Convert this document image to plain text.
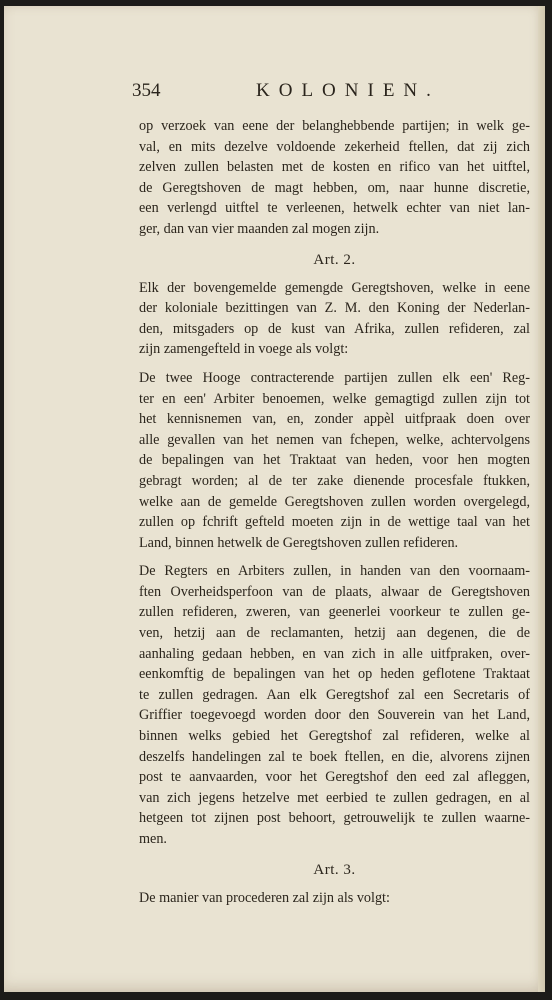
354	KOLONIEN.
op verzoek van eene der belanghebbende partijen; in welk ge-
val, en mits dezelve voldoende zekerheid ftellen, dat zij zich
zelven zullen belasten met de kosten en rifico van het uitftel,
de Geregtshoven de magt hebben, om, naar hunne discretie,
een verlengd uitftel te verleenen, hetwelk echter van niet lan-
ger, dan van vier maanden zal mogen zijn.
Art. 2.
Elk der bovengemelde gemengde Geregtshoven, welke in eene
der koloniale bezittingen van Z. M. den Koning der Nederlan-
den, mitsgaders op de kust van Afrika, zullen refideren, zal
zijn zamengefteld in voege als volgt:
De twee Hooge contracterende partijen zullen elk een' Reg-
ter en een' Arbiter benoemen, welke gemagtigd zullen zijn tot
het kennisnemen van, en, zonder appèl uitfpraak doen over
alle gevallen van het nemen van fchepen, welke, achtervolgens
de bepalingen van het Traktaat van heden, voor hen mogten
gebragt worden; al de ter zake dienende procesfale ftukken,
welke aan de gemelde Geregtshoven zullen worden overgelegd,
zullen op fchrift gefteld moeten zijn in de wettige taal van het
Land, binnen hetwelk de Geregtshoven zullen refideren.
De Regters en Arbiters zullen, in handen van den voornaam-
ften Overheidsperfoon van de plaats, alwaar de Geregtshoven
zullen refideren, zweren, van geenerlei voorkeur te zullen ge-
ven, hetzij aan de reclamanten, hetzij aan degenen, die de
aanhaling gedaan hebben, en van zich in alle uitfpraken, over-
eenkomftig de bepalingen van het op heden geflotene Traktaat
te zullen gedragen. Aan elk Geregtshof zal een Secretaris of
Griffier toegevoegd worden door den Souverein van het Land,
binnen welks gebied het Geregtshof zal refideren, welke al
deszelfs handelingen zal te boek ftellen, en die, alvorens zijnen
post te aanvaarden, voor het Geregtshof den eed zal afleggen,
van zich jegens hetzelve met eerbied te zullen gedragen, en al
hetgeen tot zijnen post behoort, getrouwelijk te zullen waarne-
men.
Art. 3.
De manier van procederen zal zijn als volgt:
